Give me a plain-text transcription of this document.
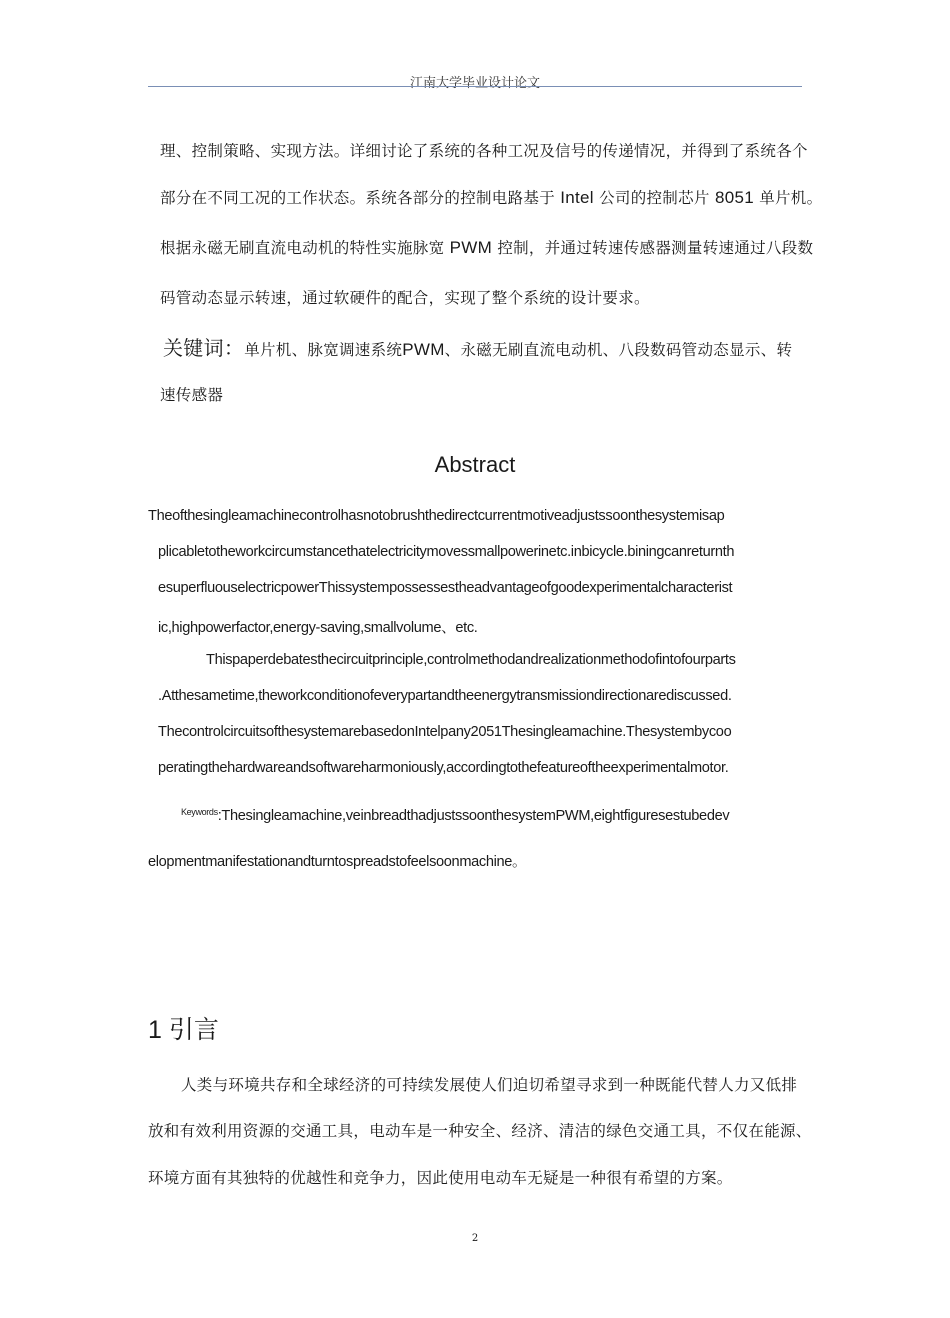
江南大学毕业设计论文
理、控制策略、实现方法。详细讨论了系统的各种工况及信号的传递情况，并得到了系统各个
部分在不同工况的工作状态。系统各部分的控制电路基于 Intel 公司的控制芯片 8051 单片机。
根据永磁无刷直流电动机的特性实施脉宽 PWM 控制，并通过转速传感器测量转速通过八段数
码管动态显示转速，通过软硬件的配合，实现了整个系统的设计要求。
关键词：单片机、脉宽调速系统PWM、永磁无刷直流电动机、八段数码管动态显示、转
速传感器
Abstract
Theofthesingleamachinecontrolhasnotobrushthedirectcurrentmotiveadjustssoonthesystemisap
plicabletotheworkcircumstancethatelectricitymovessmallpowerinetc.inbicycle.biningcanreturnth
esuperfluouselectricpowerThissystempossessestheadvantageofgoodexperimentalcharacterist
ic,highpowerfactor,energy-saving,smallvolume、etc.
Thispaperdebatesthecircuitprinciple,controlmethodandrealizationmethodofintofourparts
.Atthesametime,theworkconditionofeverypartandtheenergytransmissiondirectionarediscussed.
ThecontrolcircuitsofthesystemarebasedonIntelpany2051Thesingleamachine.Thesystembycoo
peratingthehardwareandsoftwareharmoniously,accordingtothefeatureoftheexperimentalmotor.
$^{Keywords}$:Thesingleamachine,veinbreadthadjustssoonthesystemPWM,eightfiguresestubedev
elopmentmanifestationandturntospreadstofeelsoonmachine。
1 引言
人类与环境共存和全球经济的可持续发展使人们迫切希望寻求到一种既能代替人力又低排
放和有效利用资源的交通工具，电动车是一种安全、经济、清洁的绿色交通工具，不仅在能源、
环境方面有其独特的优越性和竞争力，因此使用电动车无疑是一种很有希望的方案。
2
